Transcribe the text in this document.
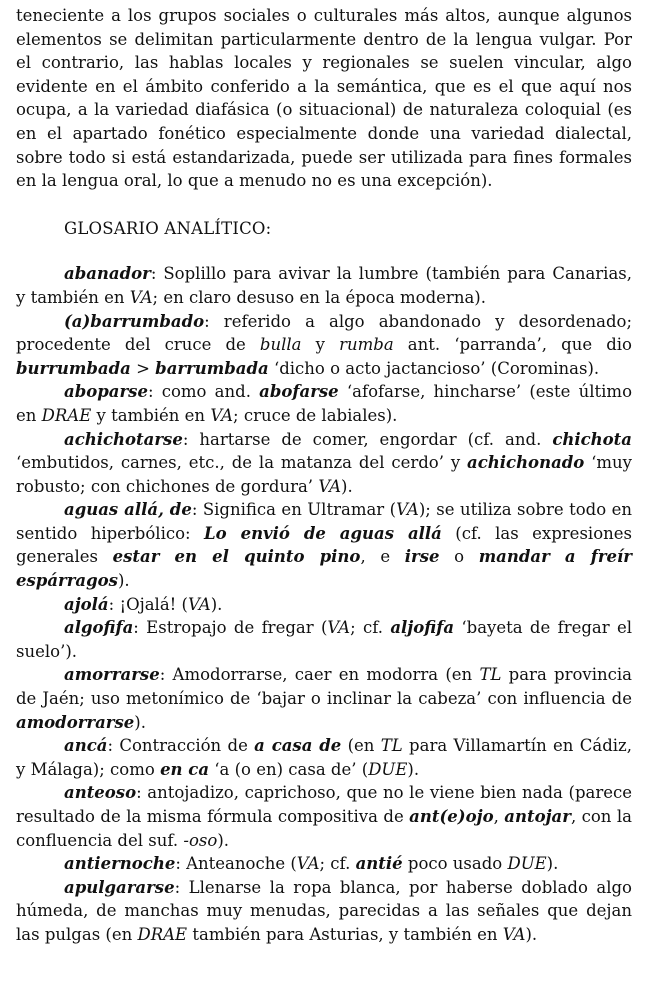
teneciente a los grupos sociales o culturales más altos, aunque algunos elementos se delimitan particularmente dentro de la lengua vulgar. Por el contrario, las hablas locales y regionales se suelen vincular, algo evidente en el ámbito conferido a la semántica, que es el que aquí nos ocupa, a la variedad diafásica (o situacional) de naturaleza coloquial (es en el apartado fonético especialmente donde una variedad dialectal, sobre todo si está estandarizada, puede ser utilizada para fines formales en la lengua oral, lo que a menudo no es una excepción).

GLOSARIO ANALÍTICO:

abanador: Soplillo para avivar la lumbre (también para Canarias, y también en VA; en claro desuso en la época moderna).

(a)barrumbado: referido a algo abandonado y desordenado; procedente del cruce de bulla y rumba ant. ‘parranda’, que dio burrumbada > barrumbada ‘dicho o acto jactancioso’ (Corominas).

aboparse: como and. abofarse ‘afofarse, hincharse’ (este último en DRAE y también en VA; cruce de labiales).

achichotarse: hartarse de comer, engordar (cf. and. chichota ‘embutidos, carnes, etc., de la matanza del cerdo’ y achichonado ‘muy robusto; con chichones de gordura’ VA).

aguas allá, de: Significa en Ultramar (VA); se utiliza sobre todo en sentido hiperbólico: Lo envió de aguas allá (cf. las expresiones generales estar en el quinto pino, e irse o mandar a freír espárragos).

ajolá: ¡Ojalá! (VA).

algofifa: Estropajo de fregar (VA; cf. aljofifa ‘bayeta de fregar el suelo’).

amorrarse: Amodorrarse, caer en modorra (en TL para provincia de Jaén; uso metonímico de ‘bajar o inclinar la cabeza’ con influencia de amodorrarse).

ancá: Contracción de a casa de (en TL para Villamartín en Cádiz, y Málaga); como en ca ‘a (o en) casa de’ (DUE).

anteoso: antojadizo, caprichoso, que no le viene bien nada (parece resultado de la misma fórmula compositiva de ant(e)ojo, antojar, con la confluencia del suf. -oso).

antiernoche: Anteanoche (VA; cf. antié poco usado DUE).

apulgararse: Llenarse la ropa blanca, por haberse doblado algo húmeda, de manchas muy menudas, parecidas a las señales que dejan las pulgas (en DRAE también para Asturias, y también en VA).
